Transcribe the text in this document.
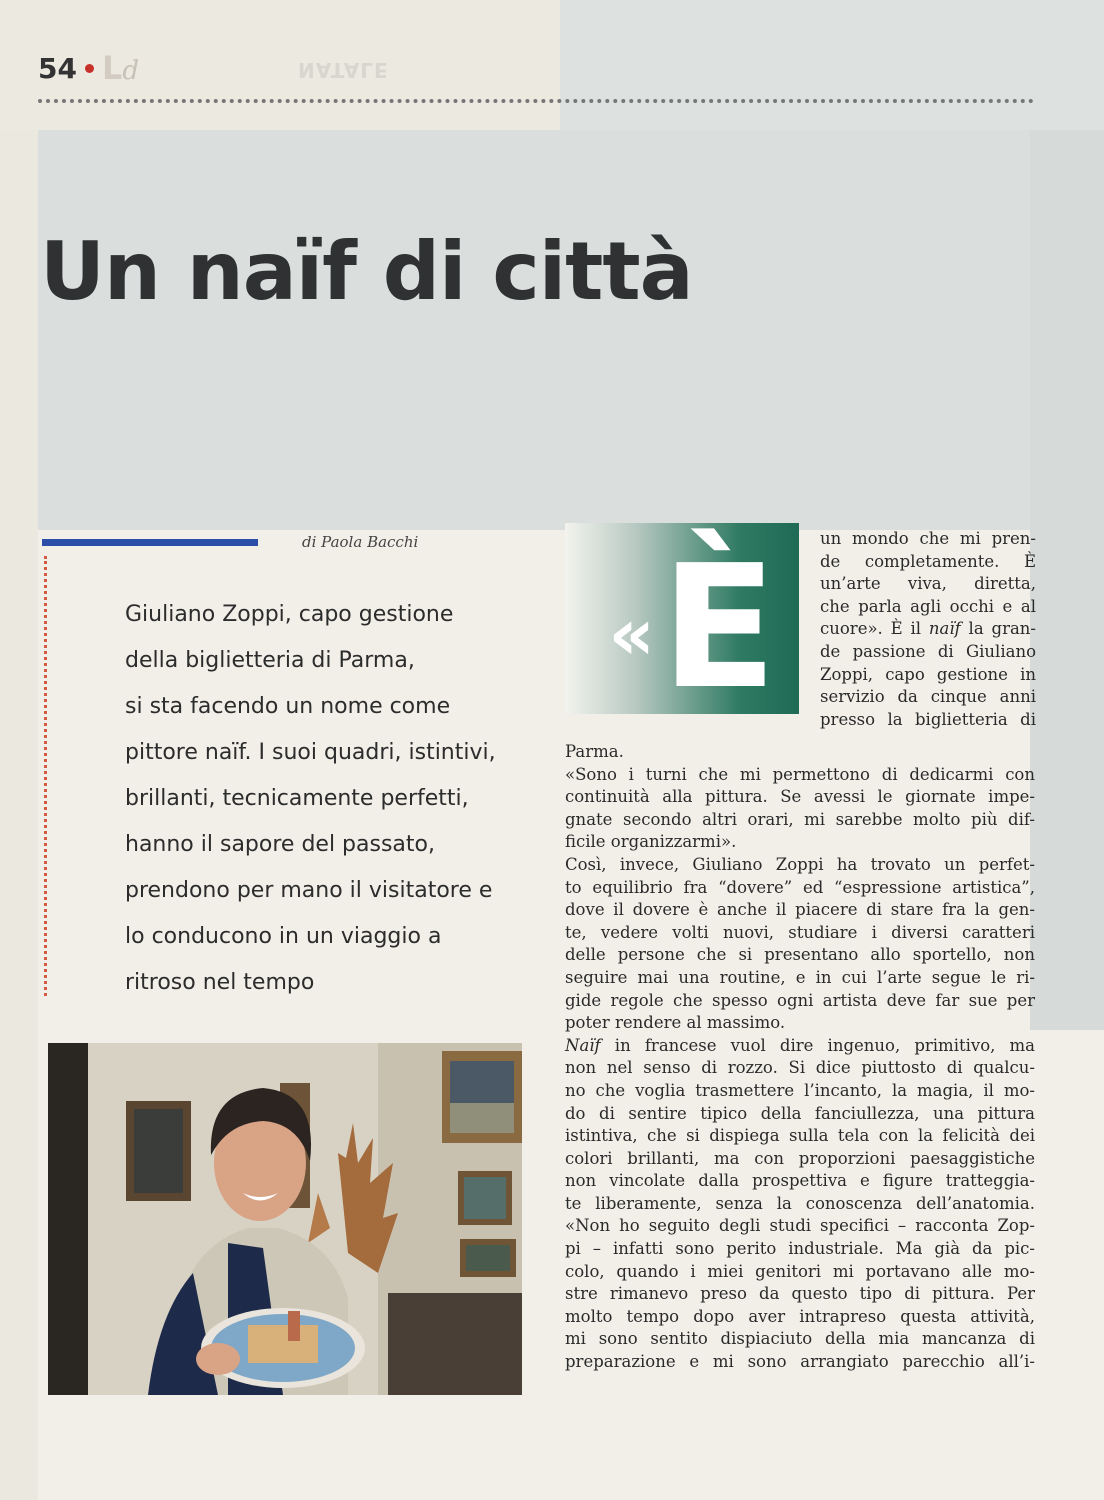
54 L d	NATALE
Un naïf di città
di Paola Bacchi
Giuliano Zoppi, capo gestione
della biglietteria di Parma,
si sta facendo un nome come
pittore naïf. I suoi quadri, istintivi,
brillanti, tecnicamente perfetti,
hanno il sapore del passato,
prendono per mano il visitatore e
lo conducono in un viaggio a
ritroso nel tempo
« È	un mondo che mi pren-
de completamente. È
un’arte viva, diretta,
che parla agli occhi e al
cuore». È il naïf la gran-
de passione di Giuliano
Zoppi, capo gestione in
servizio da cinque anni
presso la biglietteria di
Parma.
«Sono i turni che mi permettono di dedicarmi con
continuità alla pittura. Se avessi le giornate impe-
gnate secondo altri orari, mi sarebbe molto più dif-
ficile organizzarmi».
Così, invece, Giuliano Zoppi ha trovato un perfet-
to equilibrio fra “dovere” ed “espressione artistica”,
dove il dovere è anche il piacere di stare fra la gen-
te, vedere volti nuovi, studiare i diversi caratteri
delle persone che si presentano allo sportello, non
seguire mai una routine, e in cui l’arte segue le ri-
gide regole che spesso ogni artista deve far sue per
poter rendere al massimo.
Naïf in francese vuol dire ingenuo, primitivo, ma
non nel senso di rozzo. Si dice piuttosto di qualcu-
no che voglia trasmettere l’incanto, la magia, il mo-
do di sentire tipico della fanciullezza, una pittura
istintiva, che si dispiega sulla tela con la felicità dei
colori brillanti, ma con proporzioni paesaggistiche
non vincolate dalla prospettiva e figure tratteggia-
te liberamente, senza la conoscenza dell’anatomia.
«Non ho seguito degli studi specifici – racconta Zop-
pi – infatti sono perito industriale. Ma già da pic-
colo, quando i miei genitori mi portavano alle mo-
stre rimanevo preso da questo tipo di pittura. Per
molto tempo dopo aver intrapreso questa attività,
mi sono sentito dispiaciuto della mia mancanza di
preparazione e mi sono arrangiato parecchio all’i-
